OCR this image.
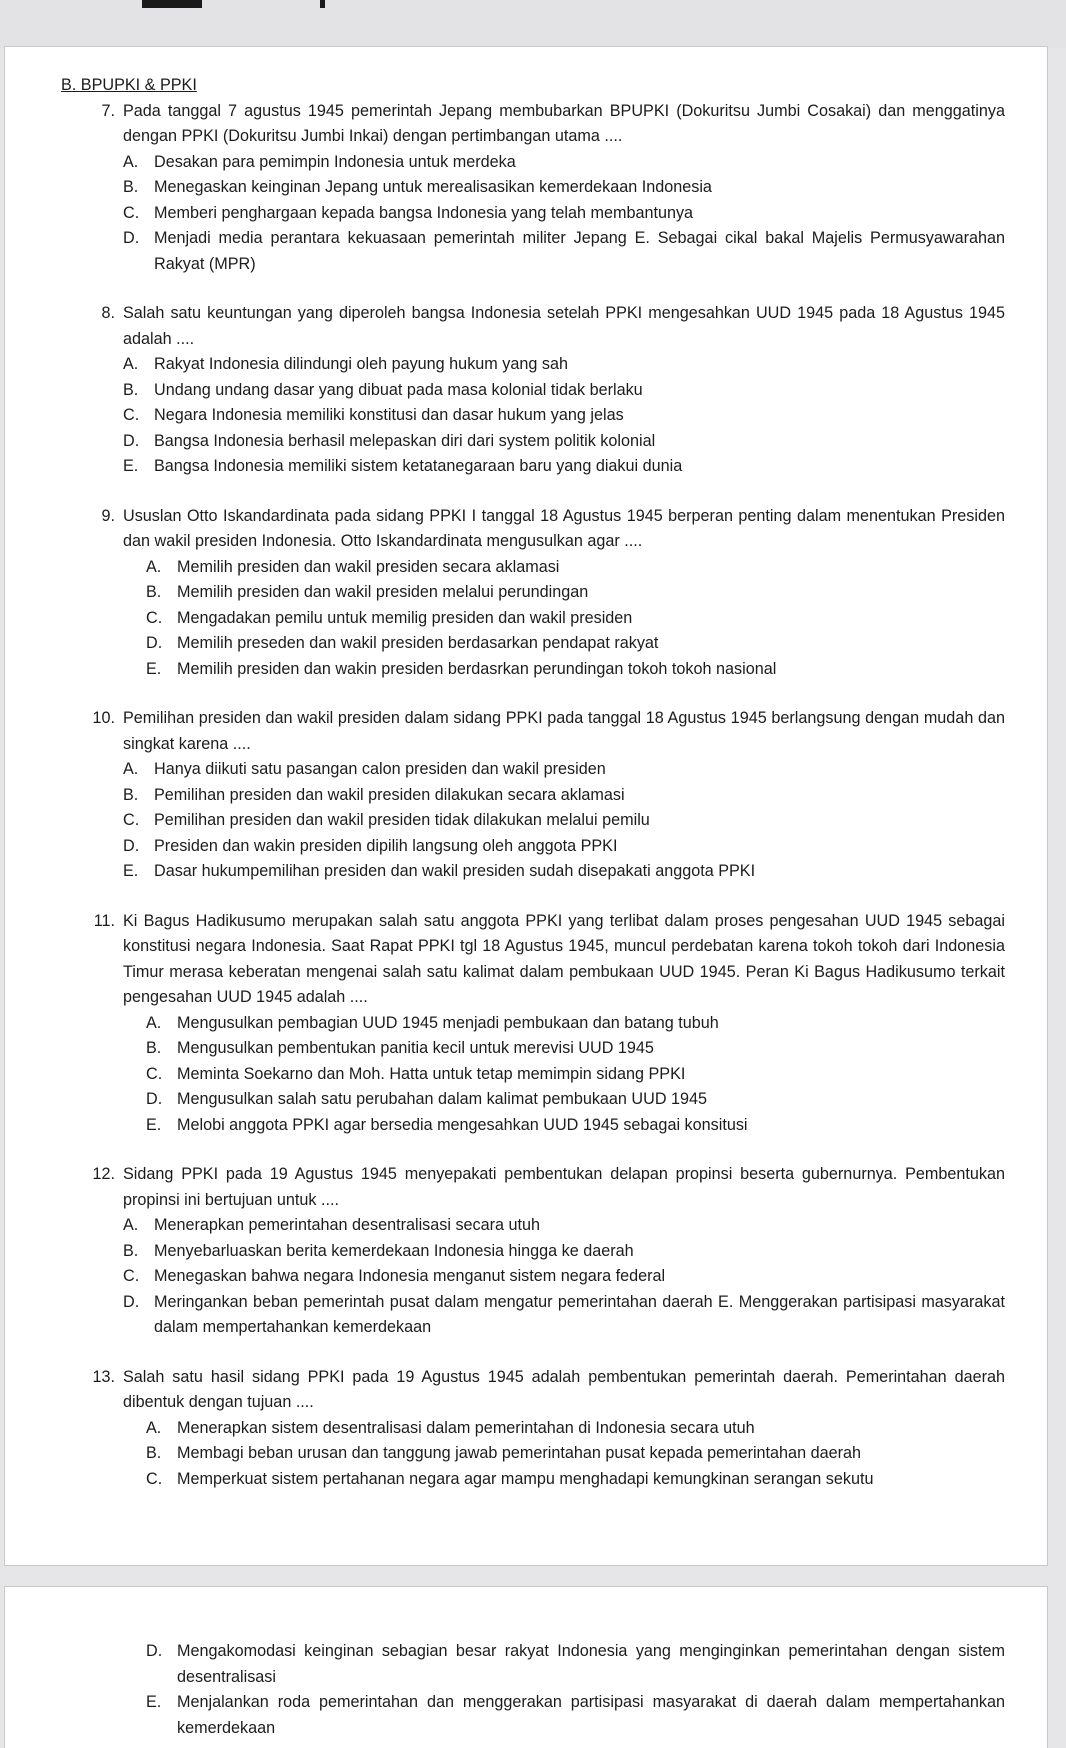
B. BPUPKI & PPKI
7. Pada tanggal 7 agustus 1945 pemerintah Jepang membubarkan BPUPKI (Dokuritsu Jumbi Cosakai) dan menggatinya dengan PPKI (Dokuritsu Jumbi Inkai) dengan pertimbangan utama ....
A. Desakan para pemimpin Indonesia untuk merdeka
B. Menegaskan keinginan Jepang untuk merealisasikan kemerdekaan Indonesia
C. Memberi penghargaan kepada bangsa Indonesia yang telah membantunya
D. Menjadi media perantara kekuasaan pemerintah militer Jepang E. Sebagai cikal bakal Majelis Permusyawarahan Rakyat (MPR)
8. Salah satu keuntungan yang diperoleh bangsa Indonesia setelah PPKI mengesahkan UUD 1945 pada 18 Agustus 1945 adalah ....
A. Rakyat Indonesia dilindungi oleh payung hukum yang sah
B. Undang undang dasar yang dibuat pada masa kolonial tidak berlaku
C. Negara Indonesia memiliki konstitusi dan dasar hukum yang jelas
D. Bangsa Indonesia berhasil melepaskan diri dari system politik kolonial
E. Bangsa Indonesia memiliki sistem ketatanegaraan baru yang diakui dunia
9. Ususlan Otto Iskandardinata pada sidang PPKI I tanggal 18 Agustus 1945 berperan penting dalam menentukan Presiden dan wakil presiden Indonesia. Otto Iskandardinata mengusulkan agar ....
A. Memilih presiden dan wakil presiden secara aklamasi
B. Memilih presiden dan wakil presiden melalui perundingan
C. Mengadakan pemilu untuk memilig presiden dan wakil presiden
D. Memilih preseden dan wakil presiden berdasarkan pendapat rakyat
E. Memilih presiden dan wakin presiden berdasrkan perundingan tokoh tokoh nasional
10. Pemilihan presiden dan wakil presiden dalam sidang PPKI pada tanggal 18 Agustus 1945 berlangsung dengan mudah dan singkat karena ....
A. Hanya diikuti satu pasangan calon presiden dan wakil presiden
B. Pemilihan presiden dan wakil presiden dilakukan secara aklamasi
C. Pemilihan presiden dan wakil presiden tidak dilakukan melalui pemilu
D. Presiden dan wakin presiden dipilih langsung oleh anggota PPKI
E. Dasar hukumpemilihan presiden dan wakil presiden sudah disepakati anggota PPKI
11. Ki Bagus Hadikusumo merupakan salah satu anggota PPKI yang terlibat dalam proses pengesahan UUD 1945 sebagai konstitusi negara Indonesia. Saat Rapat PPKI tgl 18 Agustus 1945, muncul perdebatan karena tokoh tokoh dari Indonesia Timur merasa keberatan mengenai salah satu kalimat dalam pembukaan UUD 1945. Peran Ki Bagus Hadikusumo terkait pengesahan UUD 1945 adalah ....
A. Mengusulkan pembagian UUD 1945 menjadi pembukaan dan batang tubuh
B. Mengusulkan pembentukan panitia kecil untuk merevisi UUD 1945
C. Meminta Soekarno dan Moh. Hatta untuk tetap memimpin sidang PPKI
D. Mengusulkan salah satu perubahan dalam kalimat pembukaan UUD 1945
E. Melobi anggota PPKI agar bersedia mengesahkan UUD 1945 sebagai konsitusi
12. Sidang PPKI pada 19 Agustus 1945 menyepakati pembentukan delapan propinsi beserta gubernurnya. Pembentukan propinsi ini bertujuan untuk ....
A. Menerapkan pemerintahan desentralisasi secara utuh
B. Menyebarluaskan berita kemerdekaan Indonesia hingga ke daerah
C. Menegaskan bahwa negara Indonesia menganut sistem negara federal
D. Meringankan beban pemerintah pusat dalam mengatur pemerintahan daerah E. Menggerakan partisipasi masyarakat dalam mempertahankan kemerdekaan
13. Salah satu hasil sidang PPKI pada 19 Agustus 1945 adalah pembentukan pemerintah daerah. Pemerintahan daerah dibentuk dengan tujuan ....
A. Menerapkan sistem desentralisasi dalam pemerintahan di Indonesia secara utuh
B. Membagi beban urusan dan tanggung jawab pemerintahan pusat kepada pemerintahan daerah
C. Memperkuat sistem pertahanan negara agar mampu menghadapi kemungkinan serangan sekutu
D. Mengakomodasi keinginan sebagian besar rakyat Indonesia yang menginginkan pemerintahan dengan sistem desentralisasi
E. Menjalankan roda pemerintahan dan menggerakan partisipasi masyarakat di daerah dalam mempertahankan kemerdekaan
